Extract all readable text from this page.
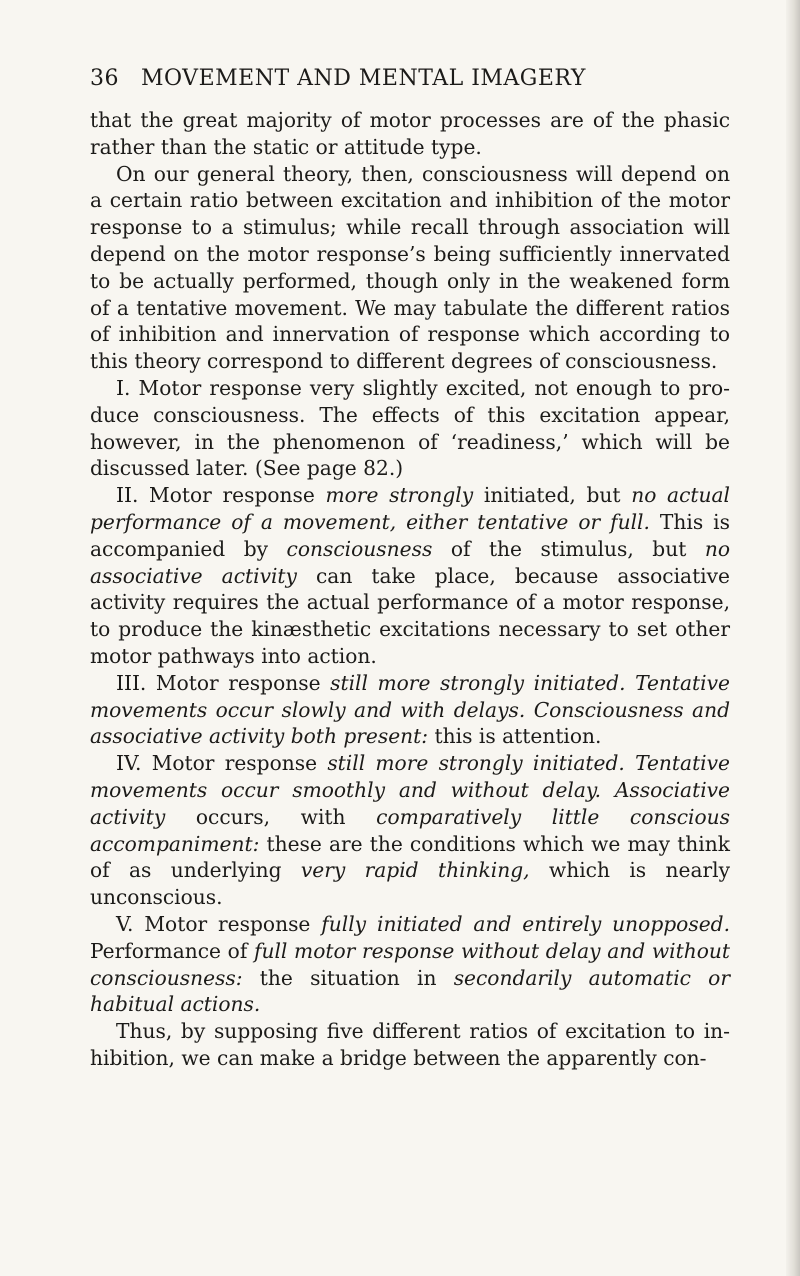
36 MOVEMENT AND MENTAL IMAGERY

that the great majority of motor processes are of the phasic rather than the static or attitude type.

On our general theory, then, consciousness will depend on a certain ratio between excitation and inhibition of the motor response to a stimulus; while recall through association will depend on the motor response’s being sufficiently innervated to be actually performed, though only in the weakened form of a tentative movement. We may tabulate the different ratios of inhibition and innervation of response which according to this theory correspond to different degrees of consciousness.

I. Motor response very slightly excited, not enough to produce consciousness. The effects of this excitation appear, however, in the phenomenon of ‘readiness,’ which will be discussed later. (See page 82.)

II. Motor response more strongly initiated, but no actual performance of a movement, either tentative or full. This is accompanied by consciousness of the stimulus, but no associative activity can take place, because associative activity requires the actual performance of a motor response, to produce the kinæsthetic excitations necessary to set other motor pathways into action.

III. Motor response still more strongly initiated. Tentative movements occur slowly and with delays. Consciousness and associative activity both present: this is attention.

IV. Motor response still more strongly initiated. Tentative movements occur smoothly and without delay. Associative activity occurs, with comparatively little conscious accompaniment: these are the conditions which we may think of as underlying very rapid thinking, which is nearly unconscious.

V. Motor response fully initiated and entirely unopposed. Performance of full motor response without delay and without consciousness: the situation in secondarily automatic or habitual actions.

Thus, by supposing five different ratios of excitation to inhibition, we can make a bridge between the apparently con-
